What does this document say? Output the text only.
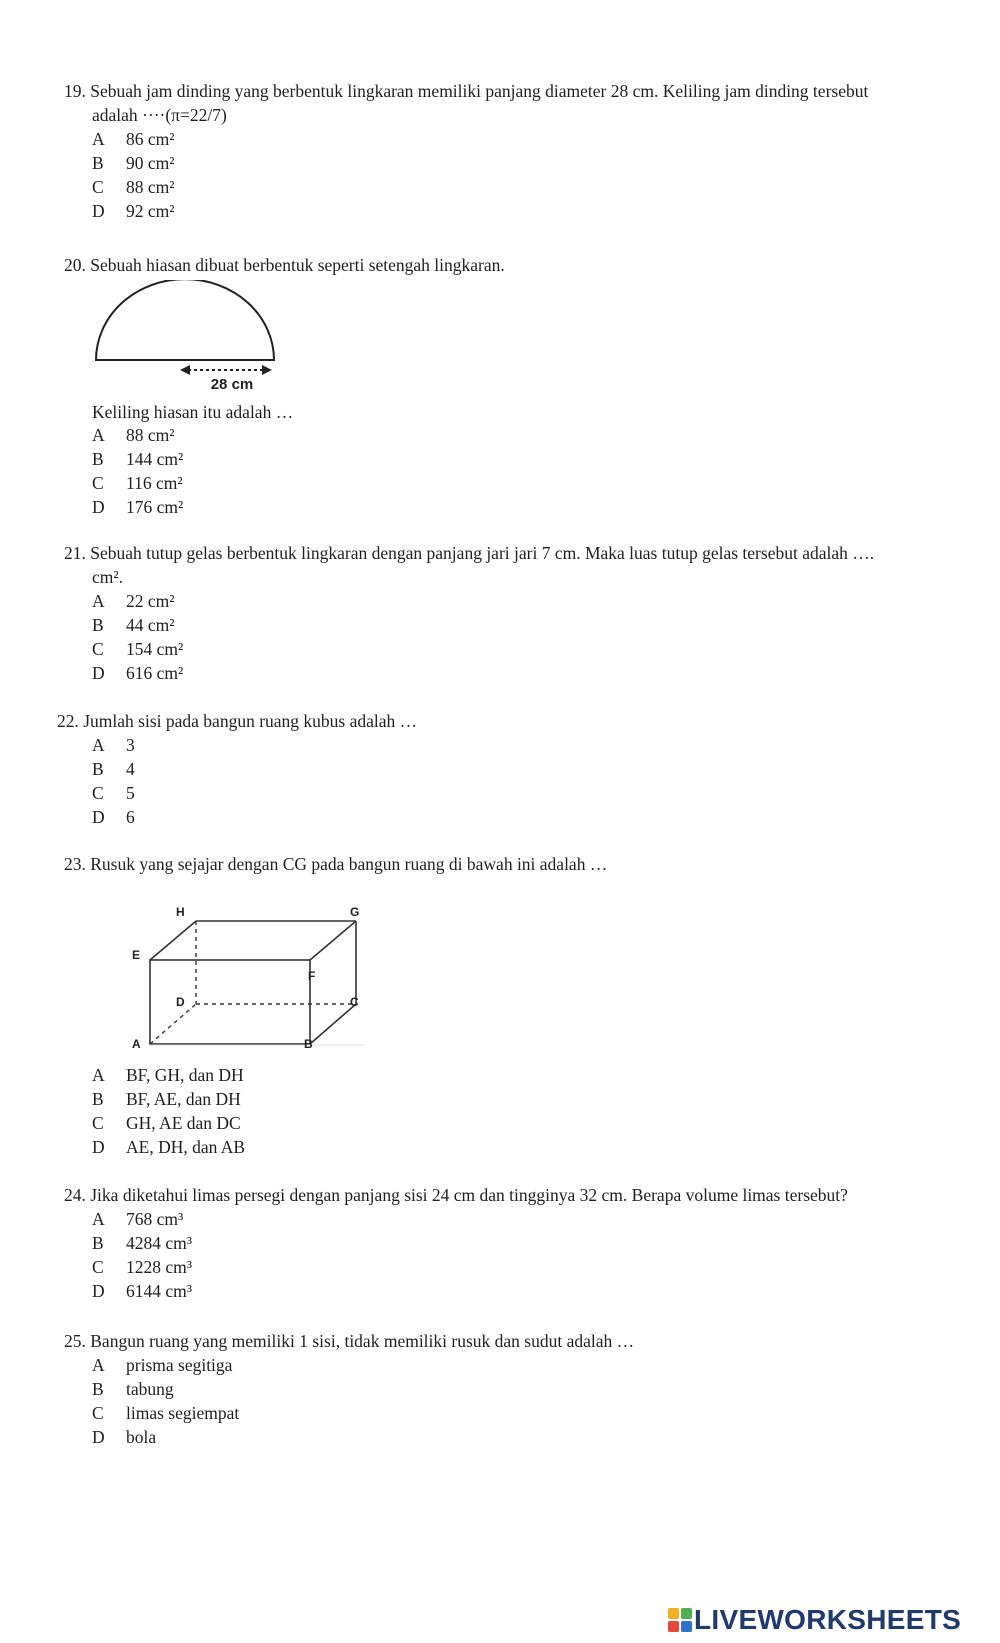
19. Sebuah jam dinding yang berbentuk lingkaran memiliki panjang diameter 28 cm. Keliling jam dinding tersebut
adalah ····(π=22/7)
A 86 cm²
B 90 cm²
C 88 cm²
D 92 cm²
20. Sebuah hiasan dibuat berbentuk seperti setengah lingkaran.
28 cm
Keliling hiasan itu adalah …
A 88 cm²
B 144 cm²
C 116 cm²
D 176 cm²
21. Sebuah tutup gelas berbentuk lingkaran dengan panjang jari jari 7 cm. Maka luas tutup gelas tersebut adalah ….
cm².
A 22 cm²
B 44 cm²
C 154 cm²
D 616 cm²
22. Jumlah sisi pada bangun ruang kubus adalah …
A 3
B 4
C 5
D 6
23. Rusuk yang sejajar dengan CG pada bangun ruang di bawah ini adalah …
H	G
E
F
D	C
A	B
A BF, GH, dan DH
B BF, AE, dan DH
C GH, AE dan DC
D AE, DH, dan AB
24. Jika diketahui limas persegi dengan panjang sisi 24 cm dan tingginya 32 cm. Berapa volume limas tersebut?
A 768 cm³
B 4284 cm³
C 1228 cm³
D 6144 cm³
25. Bangun ruang yang memiliki 1 sisi, tidak memiliki rusuk dan sudut adalah …
A prisma segitiga
B tabung
C limas segiempat
D bola
LIVEWORKSHEETS
